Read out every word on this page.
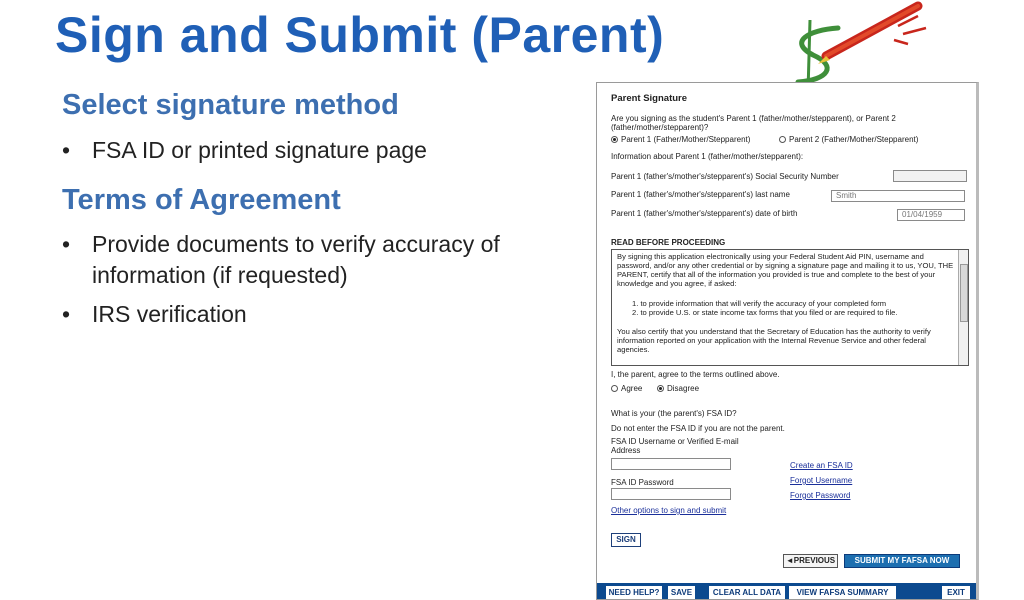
Sign and Submit (Parent)
Select signature method
• FSA ID or printed signature page
Terms of Agreement
• Provide documents to verify accuracy of information (if requested)
• IRS verification
Parent Signature
Are you signing as the student's Parent 1 (father/mother/stepparent), or Parent 2
(father/mother/stepparent)?
Parent 1 (Father/Mother/Stepparent)	Parent 2 (Father/Mother/Stepparent)
Information about Parent 1 (father/mother/stepparent):
Parent 1 (father's/mother's/stepparent's) Social Security Number
Parent 1 (father's/mother's/stepparent's) last name	Smith
Parent 1 (father's/mother's/stepparent's) date of birth	01/04/1959
READ BEFORE PROCEEDING
By signing this application electronically using your Federal Student Aid PIN, username and password, and/or any other credential or by signing a signature page and mailing it to us, YOU, THE PARENT, certify that all of the information you provided is true and complete to the best of your knowledge and you agree, if asked:
1. to provide information that will verify the accuracy of your completed form
2. to provide U.S. or state income tax forms that you filed or are required to file.
You also certify that you understand that the Secretary of Education has the authority to verify information reported on your application with the Internal Revenue Service and other federal agencies.
I, the parent, agree to the terms outlined above.
Agree	Disagree
What is your (the parent's) FSA ID?
Do not enter the FSA ID if you are not the parent.
FSA ID Username or Verified E-mail
Address
Create an FSA ID
Forgot Username
FSA ID Password
Forgot Password
Other options to sign and submit
SIGN
◄PREVIOUS	SUBMIT MY FAFSA NOW
NEED HELP?	SAVE	CLEAR ALL DATA	VIEW FAFSA SUMMARY	EXIT
